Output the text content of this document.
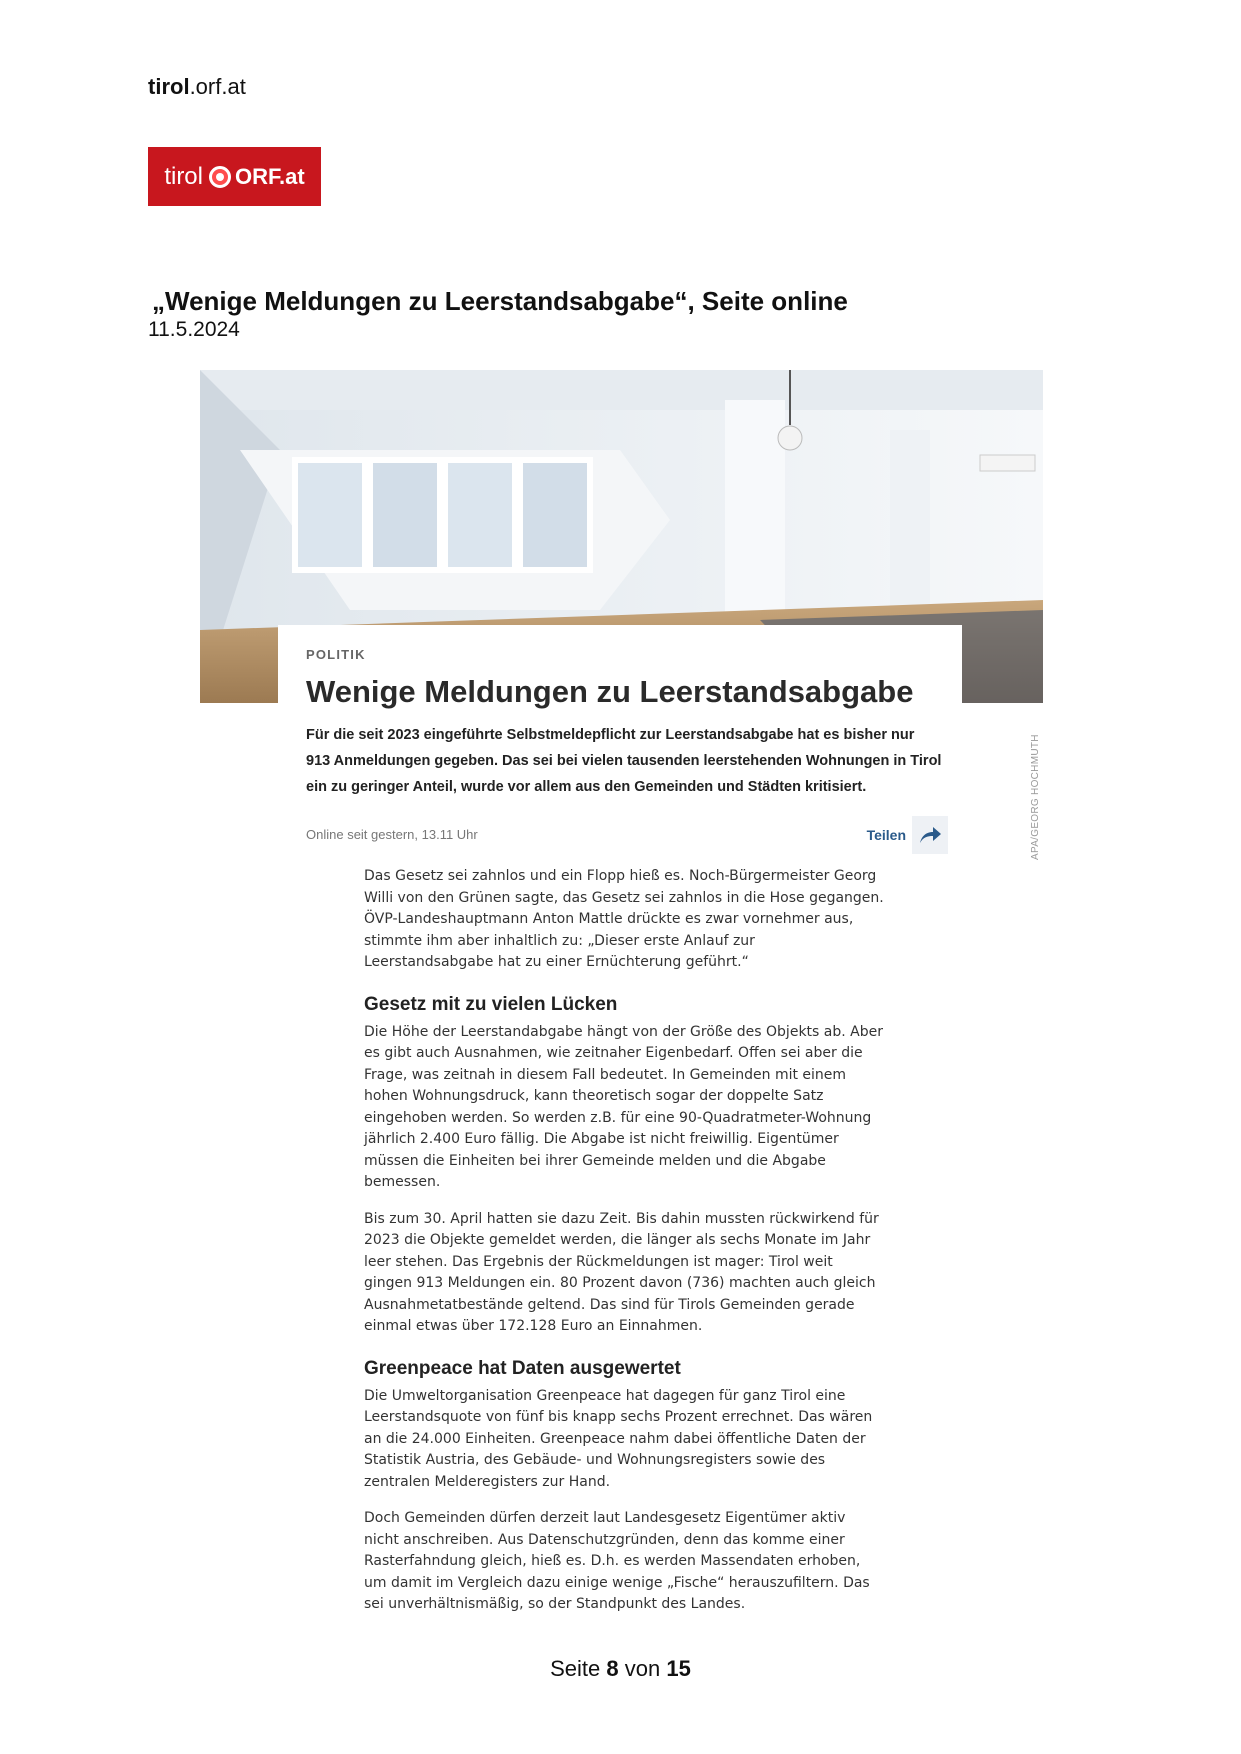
tirol.orf.at
tirol ORF.at
„Wenige Meldungen zu Leerstandsabgabe“, Seite online
11.5.2024
APA/GEORG HOCHMUTH
POLITIK
Wenige Meldungen zu Leerstandsabgabe
Für die seit 2023 eingeführte Selbstmeldepflicht zur Leerstandsabgabe hat es bisher nur 913 Anmeldungen gegeben. Das sei bei vielen tausenden leerstehenden Wohnungen in Tirol ein zu geringer Anteil, wurde vor allem aus den Gemeinden und Städten kritisiert.
Online seit gestern, 13.11 Uhr	Teilen

Das Gesetz sei zahnlos und ein Flopp hieß es. Noch-Bürgermeister Georg Willi von den Grünen sagte, das Gesetz sei zahnlos in die Hose gegangen. ÖVP-Landeshauptmann Anton Mattle drückte es zwar vornehmer aus, stimmte ihm aber inhaltlich zu: „Dieser erste Anlauf zur Leerstandsabgabe hat zu einer Ernüchterung geführt.“

Gesetz mit zu vielen Lücken

Die Höhe der Leerstandabgabe hängt von der Größe des Objekts ab. Aber es gibt auch Ausnahmen, wie zeitnaher Eigenbedarf. Offen sei aber die Frage, was zeitnah in diesem Fall bedeutet. In Gemeinden mit einem hohen Wohnungsdruck, kann theoretisch sogar der doppelte Satz eingehoben werden. So werden z.B. für eine 90-Quadratmeter-Wohnung jährlich 2.400 Euro fällig. Die Abgabe ist nicht freiwillig. Eigentümer müssen die Einheiten bei ihrer Gemeinde melden und die Abgabe bemessen.

Bis zum 30. April hatten sie dazu Zeit. Bis dahin mussten rückwirkend für 2023 die Objekte gemeldet werden, die länger als sechs Monate im Jahr leer stehen. Das Ergebnis der Rückmeldungen ist mager: Tirol weit gingen 913 Meldungen ein. 80 Prozent davon (736) machten auch gleich Ausnahmetatbestände geltend. Das sind für Tirols Gemeinden gerade einmal etwas über 172.128 Euro an Einnahmen.

Greenpeace hat Daten ausgewertet

Die Umweltorganisation Greenpeace hat dagegen für ganz Tirol eine Leerstandsquote von fünf bis knapp sechs Prozent errechnet. Das wären an die 24.000 Einheiten. Greenpeace nahm dabei öffentliche Daten der Statistik Austria, des Gebäude- und Wohnungsregisters sowie des zentralen Melderegisters zur Hand.

Doch Gemeinden dürfen derzeit laut Landesgesetz Eigentümer aktiv nicht anschreiben. Aus Datenschutzgründen, denn das komme einer Rasterfahndung gleich, hieß es. D.h. es werden Massendaten erhoben, um damit im Vergleich dazu einige wenige „Fische“ herauszufiltern. Das sei unverhältnismäßig, so der Standpunkt des Landes.

Seite 8 von 15
